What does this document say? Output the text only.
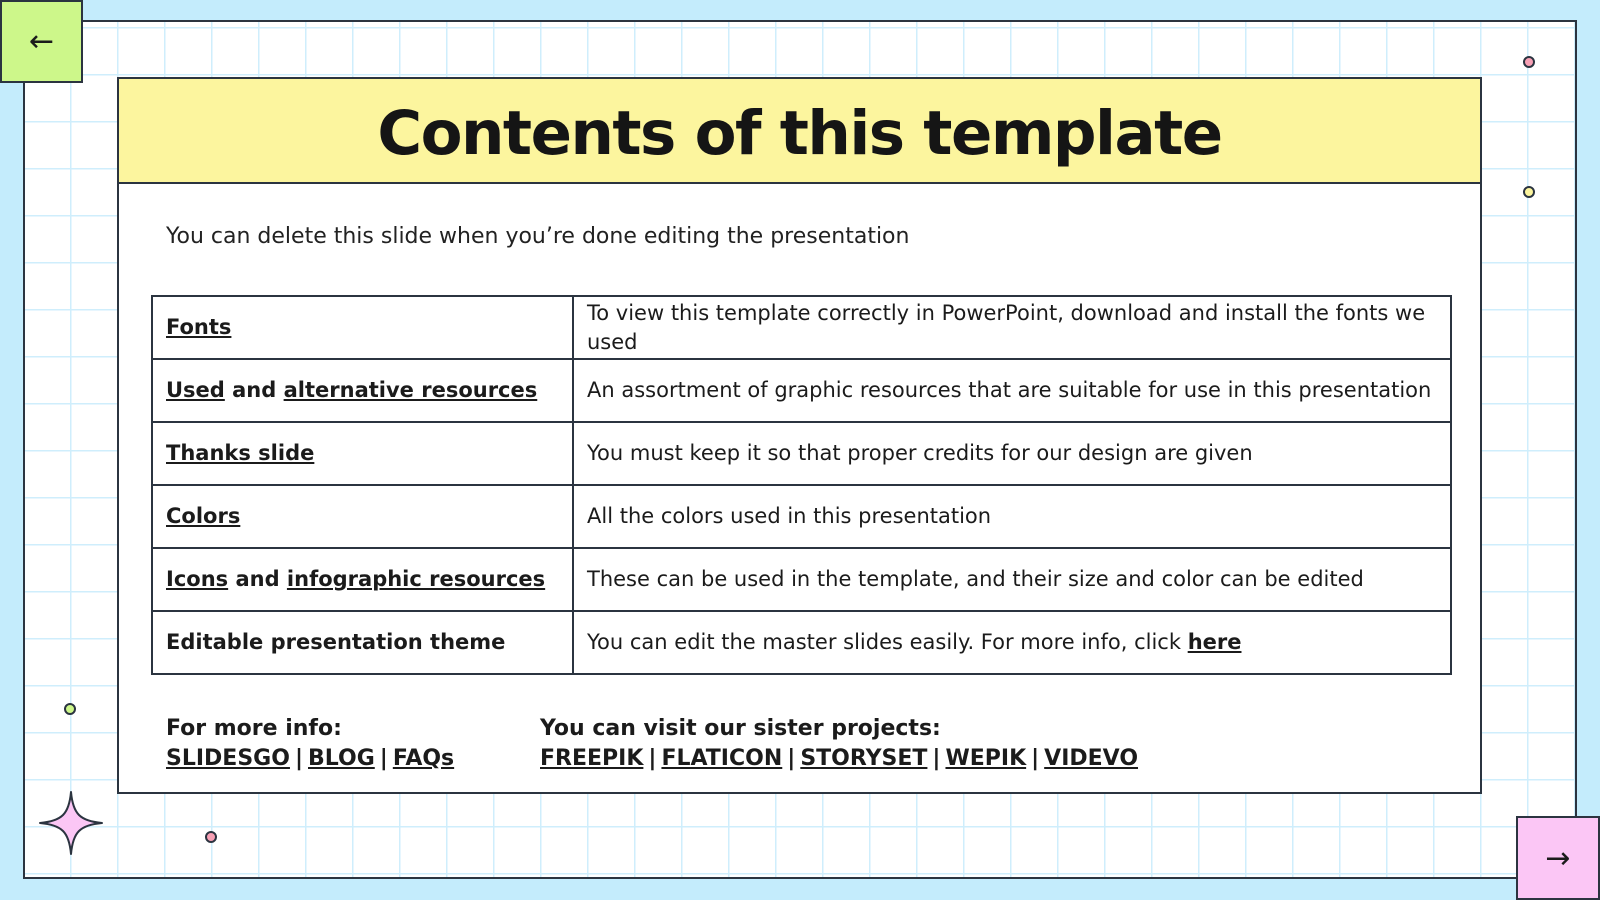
←
→
Contents of this template
You can delete this slide when you’re done editing the presentation
Fonts	To view this template correctly in PowerPoint, download and install the fonts we used
Used and alternative resources	An assortment of graphic resources that are suitable for use in this presentation
Thanks slide	You must keep it so that proper credits for our design are given
Colors	All the colors used in this presentation
Icons and infographic resources	These can be used in the template, and their size and color can be edited
Editable presentation theme	You can edit the master slides easily. For more info, click here
For more info:
SLIDESGO | BLOG | FAQs
You can visit our sister projects:
FREEPIK | FLATICON | STORYSET | WEPIK | VIDEVO
